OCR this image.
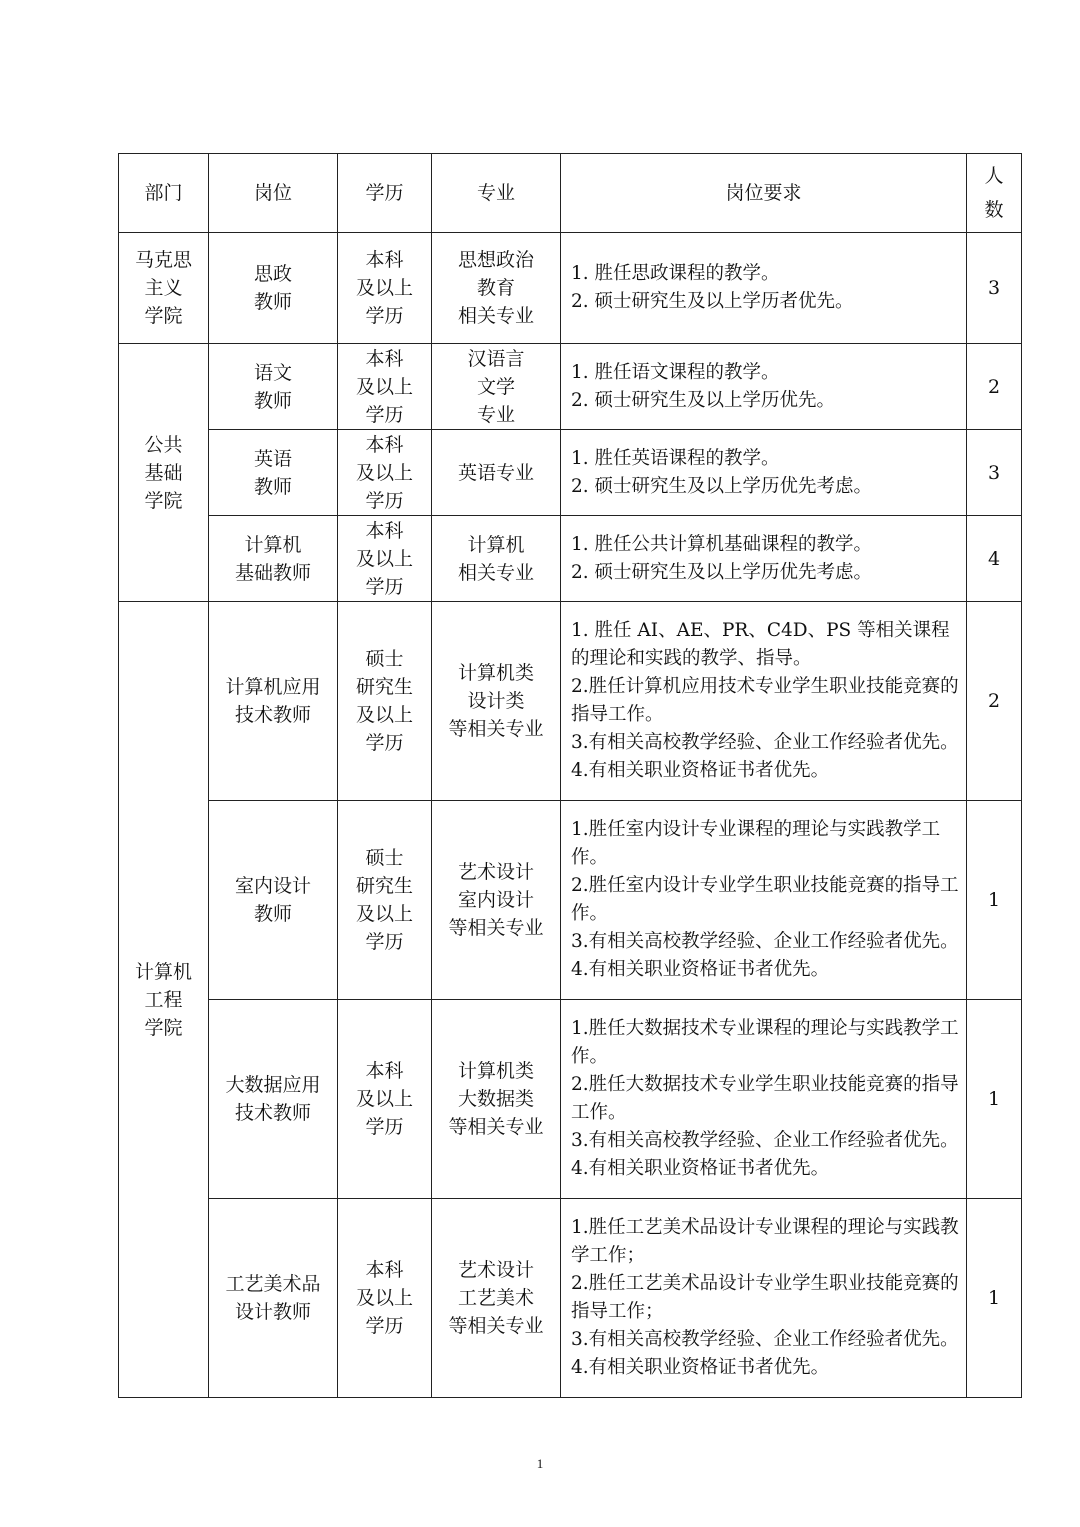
部门	岗位	学历	专业	岗位要求	人
数

马克思
主义
学院	思政
教师	本科
及以上
学历	思想政治
教育
相关专业	1. 胜任思政课程的教学。
2. 硕士研究生及以上学历者优先。	3

公共
基础
学院	语文
教师	本科
及以上
学历	汉语言
文学
专业	1. 胜任语文课程的教学。
2. 硕士研究生及以上学历优先。	2

	英语
教师	本科
及以上
学历	英语专业	1. 胜任英语课程的教学。
2. 硕士研究生及以上学历优先考虑。	3

	计算机
基础教师	本科
及以上
学历	计算机
相关专业	1. 胜任公共计算机基础课程的教学。
2. 硕士研究生及以上学历优先考虑。	4

计算机
工程
学院	计算机应用
技术教师	硕士
研究生
及以上
学历	计算机类
设计类
等相关专业	1. 胜任 AI、AE、PR、C4D、PS 等相关课程的理论和实践的教学、指导。
2.胜任计算机应用技术专业学生职业技能竞赛的指导工作。
3.有相关高校教学经验、企业工作经验者优先。
4.有相关职业资格证书者优先。	2

	室内设计
教师	硕士
研究生
及以上
学历	艺术设计
室内设计
等相关专业	1.胜任室内设计专业课程的理论与实践教学工作。
2.胜任室内设计专业学生职业技能竞赛的指导工作。
3.有相关高校教学经验、企业工作经验者优先。
4.有相关职业资格证书者优先。	1

	大数据应用
技术教师	本科
及以上
学历	计算机类
大数据类
等相关专业	1.胜任大数据技术专业课程的理论与实践教学工作。
2.胜任大数据技术专业学生职业技能竞赛的指导工作。
3.有相关高校教学经验、企业工作经验者优先。
4.有相关职业资格证书者优先。	1

	工艺美术品
设计教师	本科
及以上
学历	艺术设计
工艺美术
等相关专业	1.胜任工艺美术品设计专业课程的理论与实践教学工作；
2.胜任工艺美术品设计专业学生职业技能竞赛的指导工作；
3.有相关高校教学经验、企业工作经验者优先。
4.有相关职业资格证书者优先。	1
1
